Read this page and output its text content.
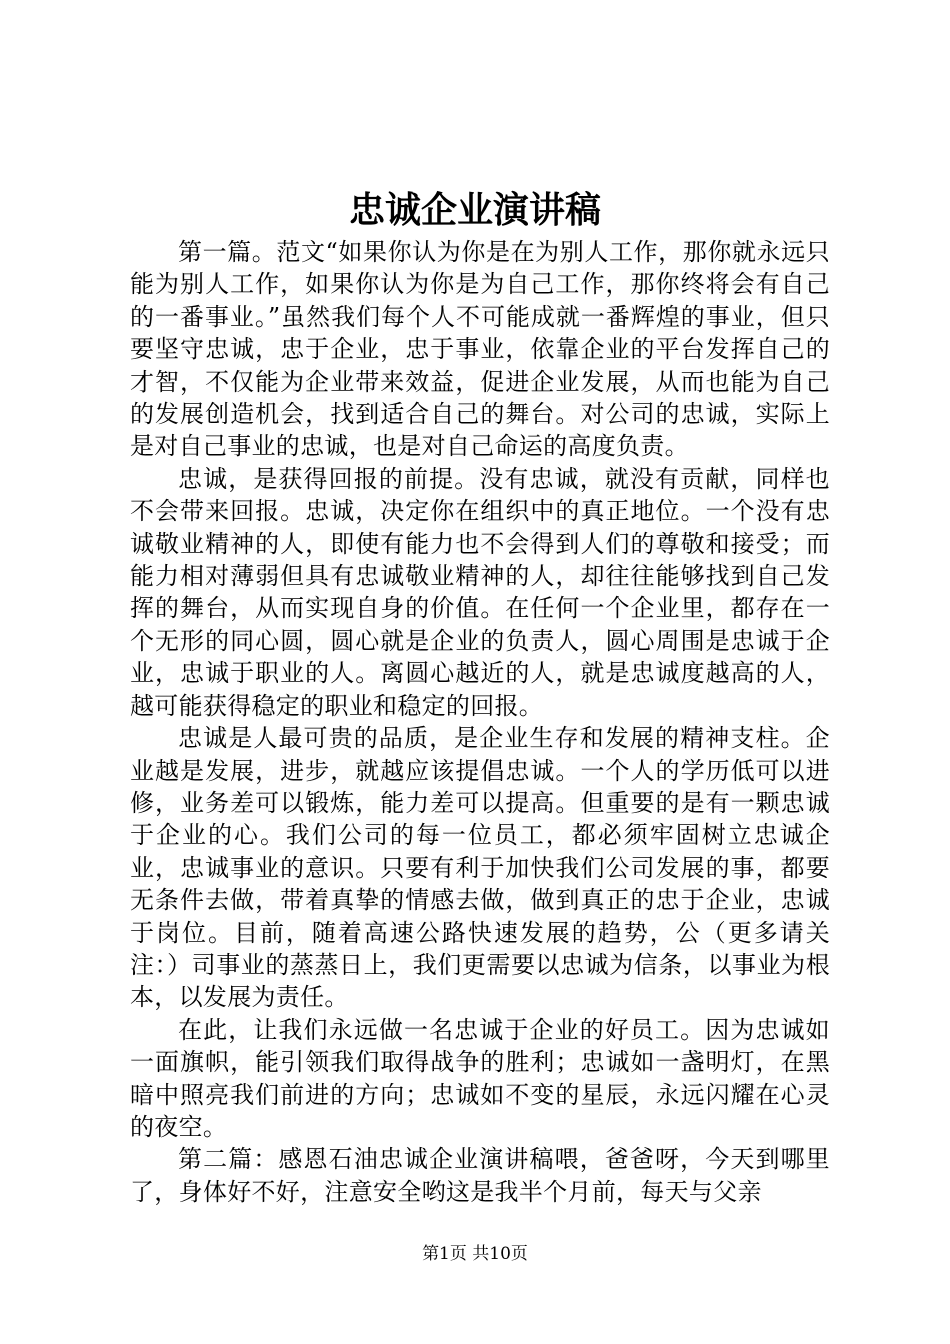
忠诚企业演讲稿

第一篇。范文“如果你认为你是在为别人工作，那你就永远只能为别人工作，如果你认为你是为自己工作，那你终将会有自己的一番事业。”虽然我们每个人不可能成就一番辉煌的事业，但只要坚守忠诚，忠于企业，忠于事业，依靠企业的平台发挥自己的才智，不仅能为企业带来效益，促进企业发展，从而也能为自己的发展创造机会，找到适合自己的舞台。对公司的忠诚，实际上是对自己事业的忠诚，也是对自己命运的高度负责。

忠诚，是获得回报的前提。没有忠诚，就没有贡献，同样也不会带来回报。忠诚，决定你在组织中的真正地位。一个没有忠诚敬业精神的人，即使有能力也不会得到人们的尊敬和接受；而能力相对薄弱但具有忠诚敬业精神的人，却往往能够找到自己发挥的舞台，从而实现自身的价值。在任何一个企业里，都存在一个无形的同心圆，圆心就是企业的负责人，圆心周围是忠诚于企业，忠诚于职业的人。离圆心越近的人，就是忠诚度越高的人，越可能获得稳定的职业和稳定的回报。

忠诚是人最可贵的品质，是企业生存和发展的精神支柱。企业越是发展，进步，就越应该提倡忠诚。一个人的学历低可以进修，业务差可以锻炼，能力差可以提高。但重要的是有一颗忠诚于企业的心。我们公司的每一位员工，都必须牢固树立忠诚企业，忠诚事业的意识。只要有利于加快我们公司发展的事，都要无条件去做，带着真挚的情感去做，做到真正的忠于企业，忠诚于岗位。目前，随着高速公路快速发展的趋势，公（更多请关注：）司事业的蒸蒸日上，我们更需要以忠诚为信条，以事业为根本，以发展为责任。

在此，让我们永远做一名忠诚于企业的好员工。因为忠诚如一面旗帜，能引领我们取得战争的胜利；忠诚如一盏明灯，在黑暗中照亮我们前进的方向；忠诚如不变的星辰，永远闪耀在心灵的夜空。

第二篇：感恩石油忠诚企业演讲稿喂，爸爸呀，今天到哪里了，身体好不好，注意安全哟这是我半个月前，每天与父亲

第1页 共10页
